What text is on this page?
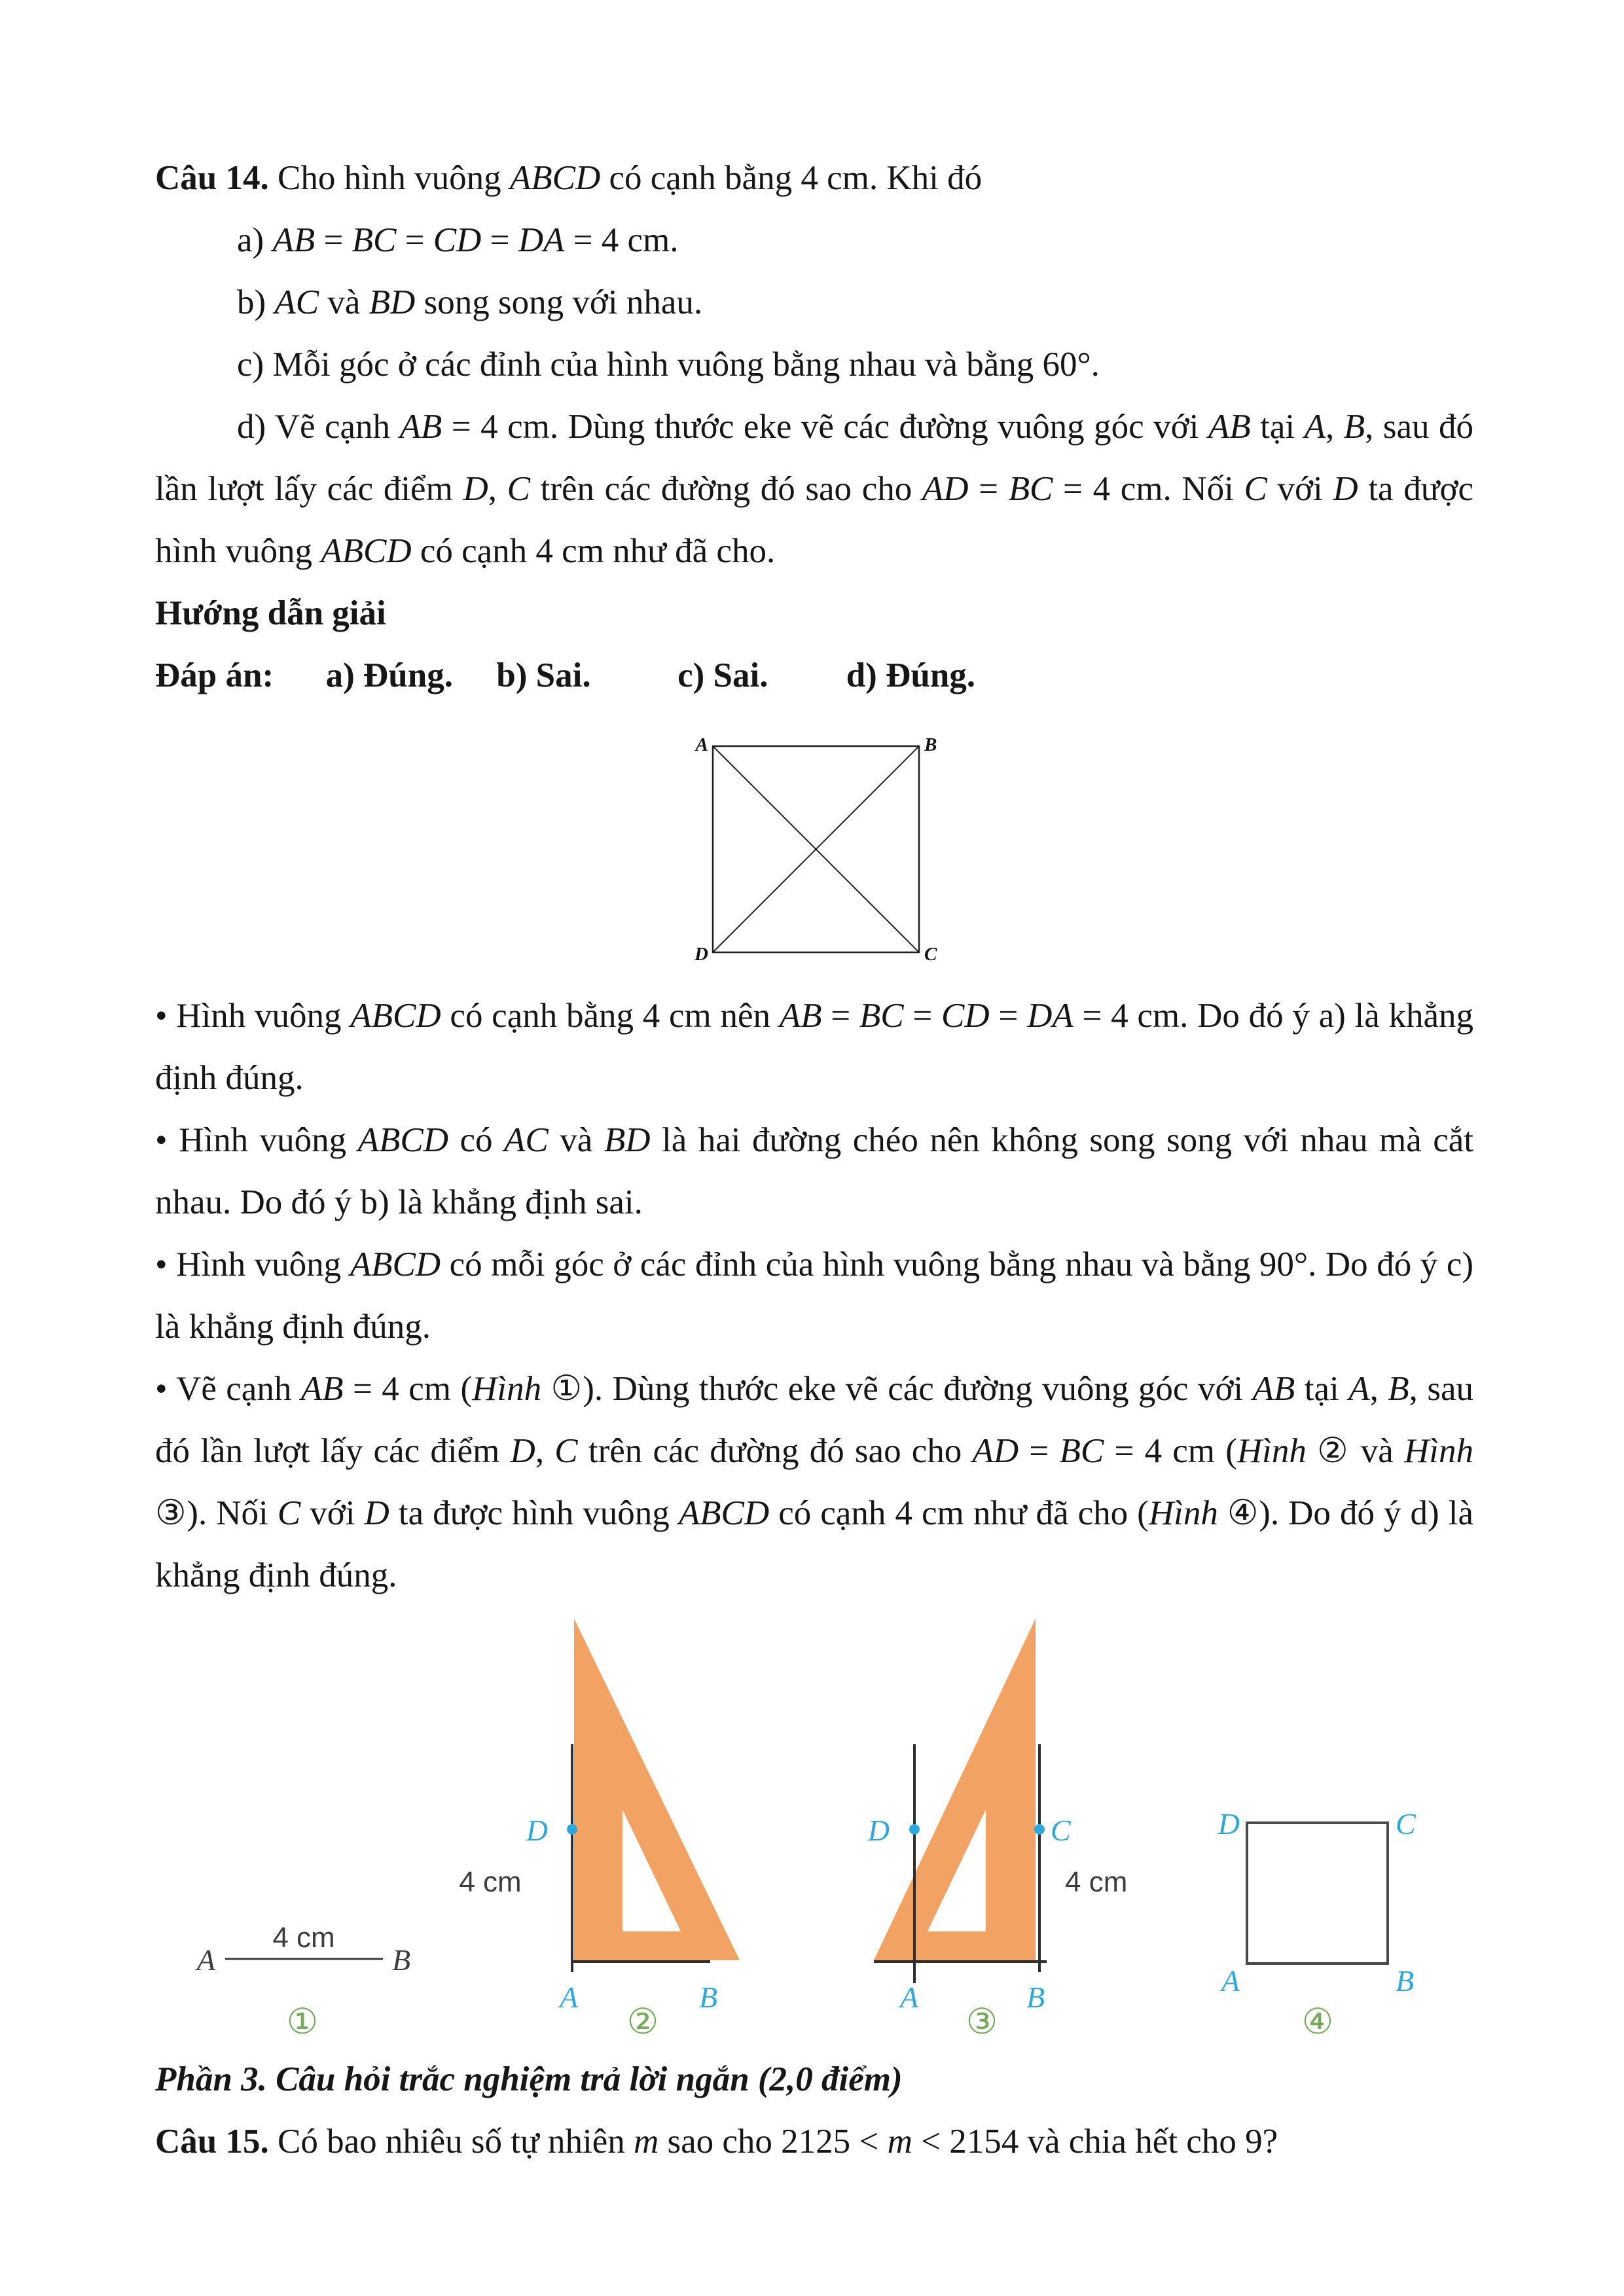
Câu 14. Cho hình vuông ABCD có cạnh bằng 4 cm. Khi đó

a) AB = BC = CD = DA = 4 cm.

b) AC và BD song song với nhau.

c) Mỗi góc ở các đỉnh của hình vuông bằng nhau và bằng 60°.

d) Vẽ cạnh AB = 4 cm. Dùng thước eke vẽ các đường vuông góc với AB tại A, B, sau đó lần lượt lấy các điểm D, C trên các đường đó sao cho AD = BC = 4 cm. Nối C với D ta được hình vuông ABCD có cạnh 4 cm như đã cho.

Hướng dẫn giải

Đáp án:      a) Đúng.     b) Sai.          c) Sai.         d) Đúng.

A	B
D	C

• Hình vuông ABCD có cạnh bằng 4 cm nên AB = BC = CD = DA = 4 cm. Do đó ý a) là khẳng định đúng.

• Hình vuông ABCD có AC và BD là hai đường chéo nên không song song với nhau mà cắt nhau. Do đó ý b) là khẳng định sai.

• Hình vuông ABCD có mỗi góc ở các đỉnh của hình vuông bằng nhau và bằng 90°. Do đó ý c) là khẳng định đúng.

• Vẽ cạnh AB = 4 cm (Hình ①). Dùng thước eke vẽ các đường vuông góc với AB tại A, B, sau đó lần lượt lấy các điểm D, C trên các đường đó sao cho AD = BC = 4 cm (Hình ② và Hình ③). Nối C với D ta được hình vuông ABCD có cạnh 4 cm như đã cho (Hình ④). Do đó ý d) là khẳng định đúng.

A
4 cm
B
①
D
4 cm
A	B
②
D	C
4 cm
A	B
③
D	C
A	B
④

Phần 3. Câu hỏi trắc nghiệm trả lời ngắn (2,0 điểm)

Câu 15. Có bao nhiêu số tự nhiên m sao cho 2125 < m < 2154 và chia hết cho 9?
